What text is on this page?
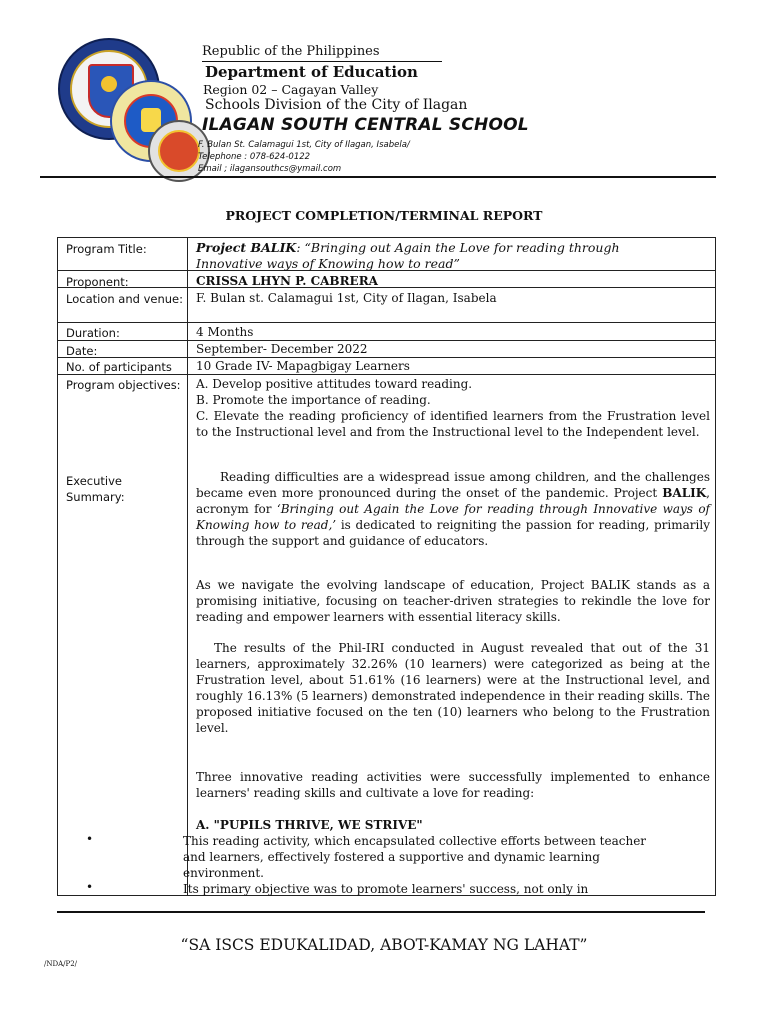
Republic of the Philippines
Department of Education
Region 02 – Cagayan Valley
Schools Division of the City of Ilagan
ILAGAN SOUTH CENTRAL SCHOOL
F. Bulan St. Calamagui 1st, City of Ilagan, Isabela/
Telephone : 078-624-0122
Email ; ilagansouthcs@ymail.com
PROJECT COMPLETION/TERMINAL REPORT
Program Title:
Proponent:
Location and venue:
Duration:
Date:
No. of participants
Program objectives:
Executive Summary:
Project BALIK: “Bringing out Again the Love for reading through
Innovative ways of Knowing how to read”
CRISSA LHYN P. CABRERA
F. Bulan st. Calamagui 1st, City of Ilagan, Isabela
4 Months
September- December 2022
10 Grade IV- Mapagbigay Learners
A. Develop positive attitudes toward reading.
B. Promote the importance of reading.
C. Elevate the reading proficiency of identified learners from the Frustration level to the Instructional level and from the Instructional level to the Independent level.
Reading difficulties are a widespread issue among children, and the challenges became even more pronounced during the onset of the pandemic. Project BALIK, acronym for ‘Bringing out Again the Love for reading through Innovative ways of Knowing how to read,’ is dedicated to reigniting the passion for reading, primarily through the support and guidance of educators.
As we navigate the evolving landscape of education, Project BALIK stands as a promising initiative, focusing on teacher-driven strategies to rekindle the love for reading and empower learners with essential literacy skills.
The results of the Phil-IRI conducted in August revealed that out of the 31 learners, approximately 32.26% (10 learners) were categorized as being at the Frustration level, about 51.61% (16 learners) were at the Instructional level, and roughly 16.13% (5 learners) demonstrated independence in their reading skills. The proposed initiative focused on the ten (10) learners who belong to the Frustration level.
Three innovative reading activities were successfully implemented to enhance learners' reading skills and cultivate a love for reading:
A. "PUPILS THRIVE, WE STRIVE"
•	This reading activity, which encapsulated collective efforts between teacher and learners, effectively fostered a supportive and dynamic learning environment.
•	Its primary objective was to promote learners' success, not only in
“SA ISCS EDUKALIDAD, ABOT-KAMAY NG LAHAT”
/NDA/P2/
